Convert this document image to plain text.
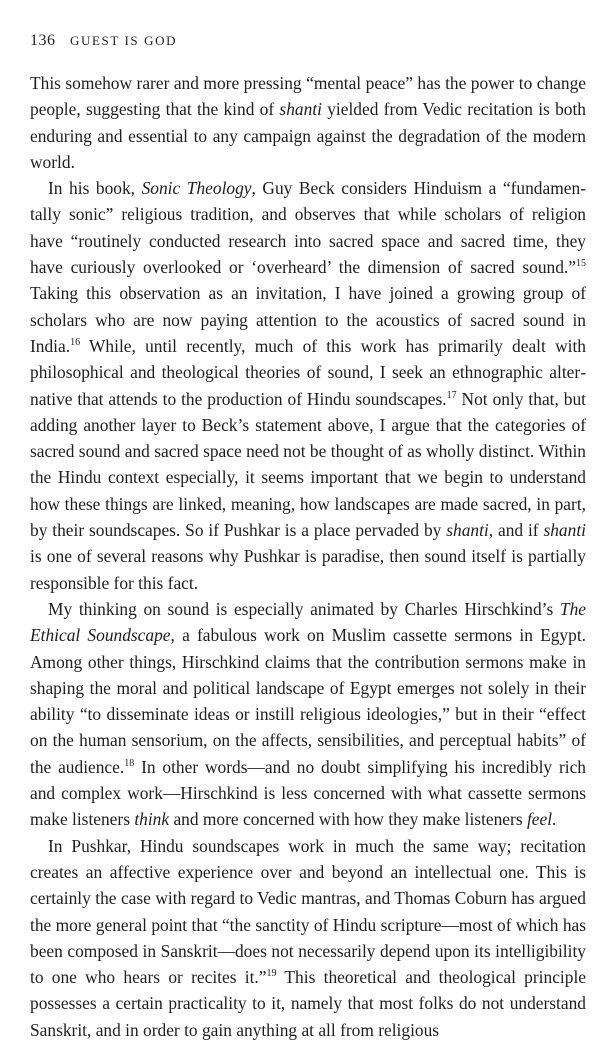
136 GUEST IS GOD

This somehow rarer and more pressing “mental peace” has the power to change people, suggesting that the kind of shanti yielded from Vedic recitation is both enduring and essential to any campaign against the degradation of the modern world.

In his book, Sonic Theology, Guy Beck considers Hinduism a “fundamentally sonic” religious tradition, and observes that while scholars of religion have “routinely conducted research into sacred space and sacred time, they have curiously overlooked or ‘overheard’ the dimension of sacred sound.”$^{15}$ Taking this observation as an invitation, I have joined a growing group of scholars who are now paying attention to the acoustics of sacred sound in India.$^{16}$ While, until recently, much of this work has primarily dealt with philosophical and theological theories of sound, I seek an ethnographic alternative that attends to the production of Hindu soundscapes.$^{17}$ Not only that, but adding another layer to Beck’s statement above, I argue that the categories of sacred sound and sacred space need not be thought of as wholly distinct. Within the Hindu context especially, it seems important that we begin to understand how these things are linked, meaning, how landscapes are made sacred, in part, by their soundscapes. So if Pushkar is a place pervaded by shanti, and if shanti is one of several reasons why Pushkar is paradise, then sound itself is partially responsible for this fact.

My thinking on sound is especially animated by Charles Hirschkind’s The Ethical Soundscape, a fabulous work on Muslim cassette sermons in Egypt. Among other things, Hirschkind claims that the contribution sermons make in shaping the moral and political landscape of Egypt emerges not solely in their ability “to disseminate ideas or instill religious ideologies,” but in their “effect on the human sensorium, on the affects, sensibilities, and perceptual habits” of the audience.$^{18}$ In other words—and no doubt simplifying his incredibly rich and complex work—Hirschkind is less concerned with what cassette sermons make listeners think and more concerned with how they make listeners feel.

In Pushkar, Hindu soundscapes work in much the same way; recitation creates an affective experience over and beyond an intellectual one. This is certainly the case with regard to Vedic mantras, and Thomas Coburn has argued the more general point that “the sanctity of Hindu scripture—most of which has been composed in Sanskrit—does not necessarily depend upon its intelligibility to one who hears or recites it.”$^{19}$ This theoretical and theological principle possesses a certain practicality to it, namely that most folks do not understand Sanskrit, and in order to gain anything at all from religious
